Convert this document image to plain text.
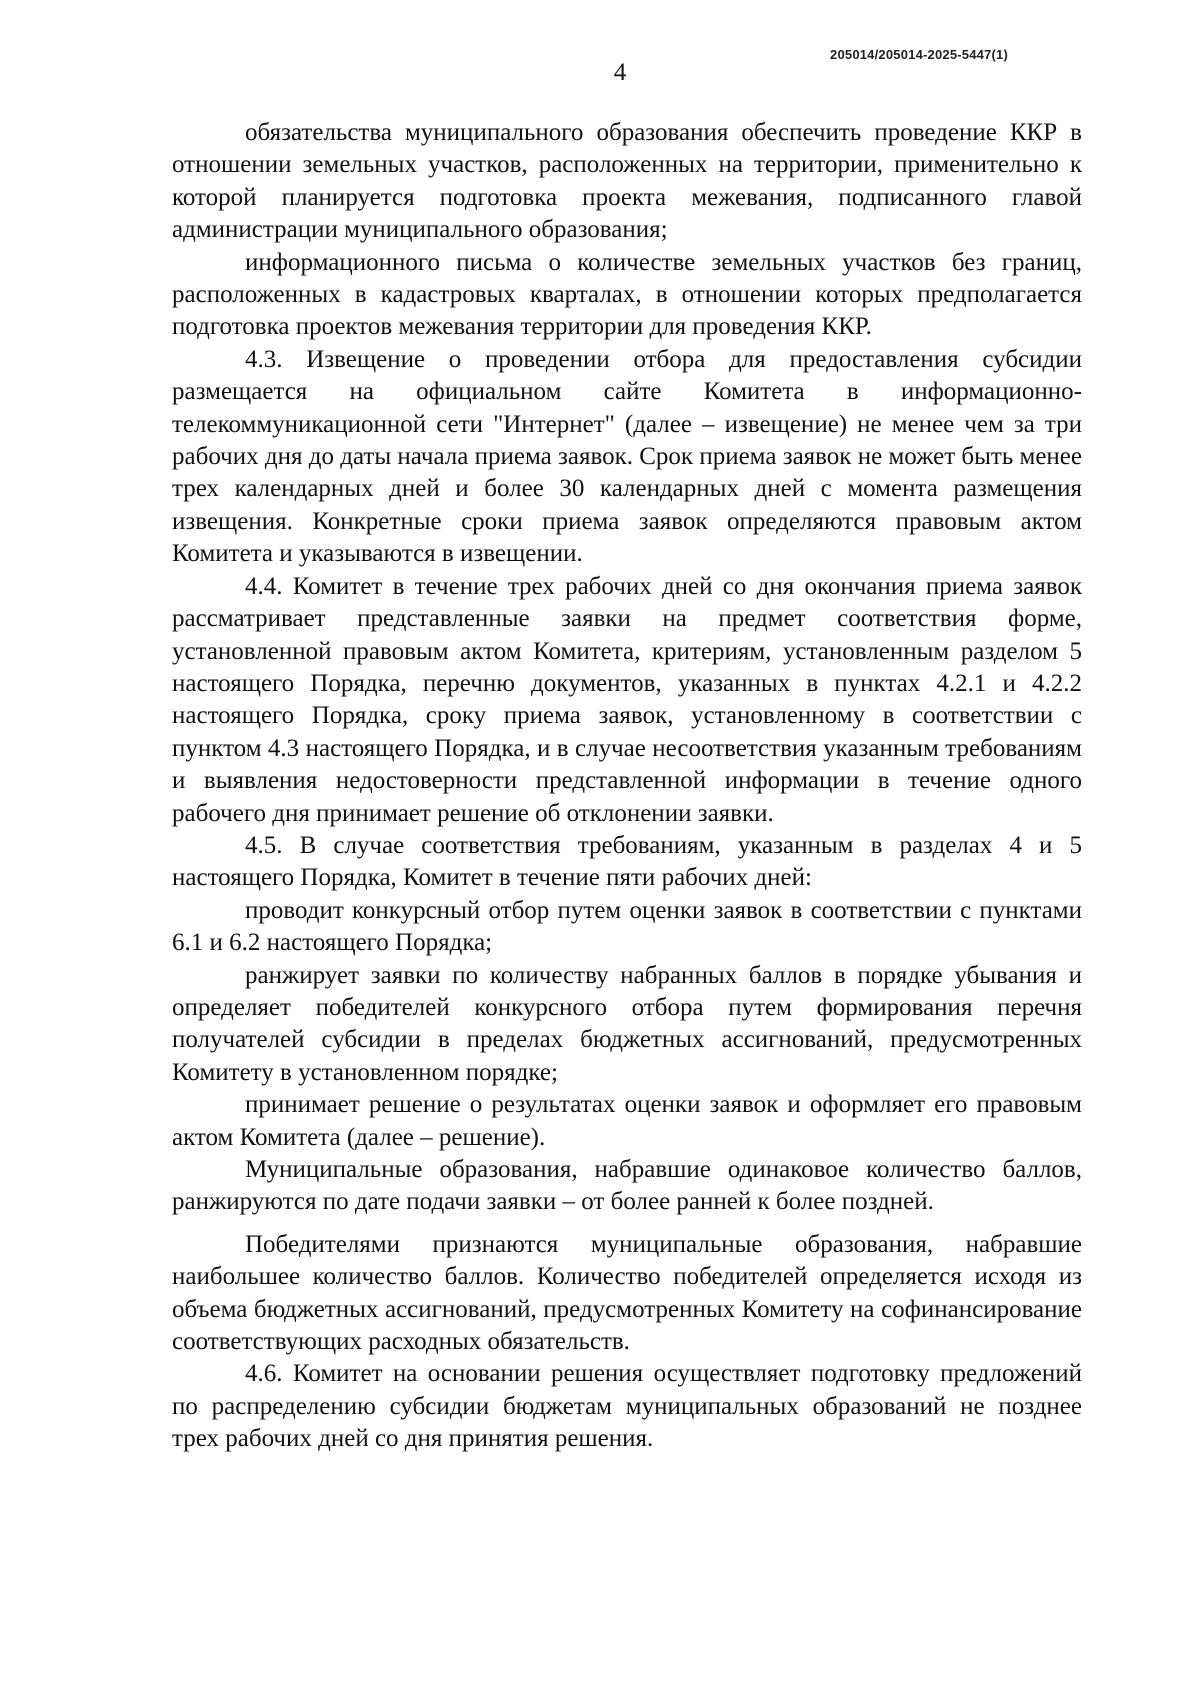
205014/205014-2025-5447(1)
4

обязательства муниципального образования обеспечить проведение ККР в отношении земельных участков, расположенных на территории, применительно к которой планируется подготовка проекта межевания, подписанного главой администрации муниципального образования;

информационного письма о количестве земельных участков без границ, расположенных в кадастровых кварталах, в отношении которых предполагается подготовка проектов межевания территории для проведения ККР.

4.3. Извещение о проведении отбора для предоставления субсидии размещается на официальном сайте Комитета в информационно-телекоммуникационной сети "Интернет" (далее – извещение) не менее чем за три рабочих дня до даты начала приема заявок. Срок приема заявок не может быть менее трех календарных дней и более 30 календарных дней с момента размещения извещения. Конкретные сроки приема заявок определяются правовым актом Комитета и указываются в извещении.

4.4. Комитет в течение трех рабочих дней со дня окончания приема заявок рассматривает представленные заявки на предмет соответствия форме, установленной правовым актом Комитета, критериям, установленным разделом 5 настоящего Порядка, перечню документов, указанных в пунктах 4.2.1 и 4.2.2 настоящего Порядка, сроку приема заявок, установленному в соответствии с пунктом 4.3 настоящего Порядка, и в случае несоответствия указанным требованиям и выявления недостоверности представленной информации в течение одного рабочего дня принимает решение об отклонении заявки.

4.5. В случае соответствия требованиям, указанным в разделах 4 и 5 настоящего Порядка, Комитет в течение пяти рабочих дней:

проводит конкурсный отбор путем оценки заявок в соответствии с пунктами 6.1 и 6.2 настоящего Порядка;

ранжирует заявки по количеству набранных баллов в порядке убывания и определяет победителей конкурсного отбора путем формирования перечня получателей субсидии в пределах бюджетных ассигнований, предусмотренных Комитету в установленном порядке;

принимает решение о результатах оценки заявок и оформляет его правовым актом Комитета (далее – решение).

Муниципальные образования, набравшие одинаковое количество баллов, ранжируются по дате подачи заявки – от более ранней к более поздней.

Победителями признаются муниципальные образования, набравшие наибольшее количество баллов. Количество победителей определяется исходя из объема бюджетных ассигнований, предусмотренных Комитету на софинансирование соответствующих расходных обязательств.

4.6. Комитет на основании решения осуществляет подготовку предложений по распределению субсидии бюджетам муниципальных образований не позднее трех рабочих дней со дня принятия решения.
